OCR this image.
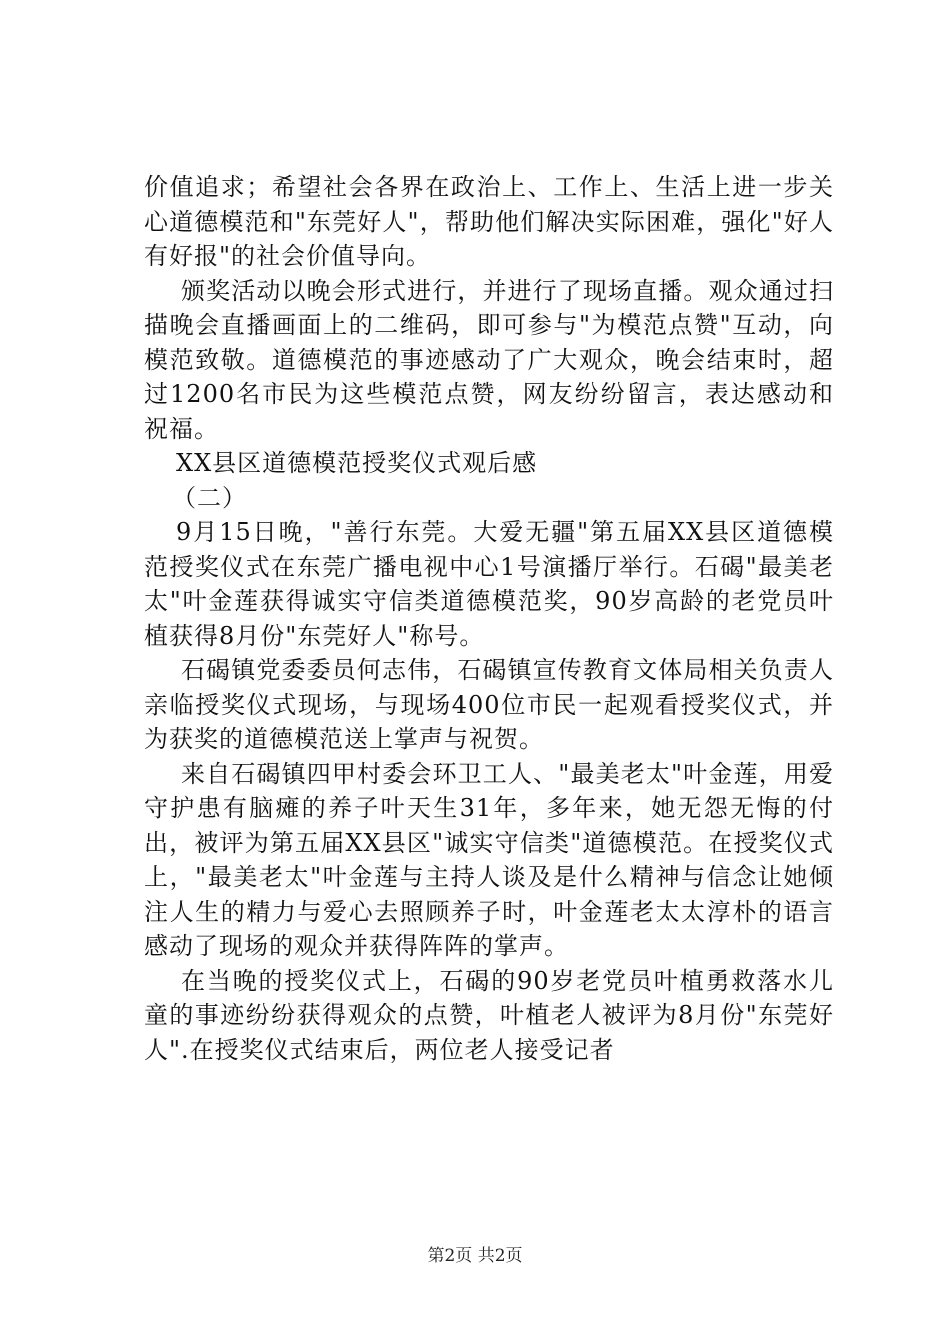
价值追求；希望社会各界在政治上、工作上、生活上进一步关心道德模范和"东莞好人"，帮助他们解决实际困难，强化"好人有好报"的社会价值导向。

颁奖活动以晚会形式进行，并进行了现场直播。观众通过扫描晚会直播画面上的二维码，即可参与"为模范点赞"互动，向模范致敬。道德模范的事迹感动了广大观众，晚会结束时，超过1200名市民为这些模范点赞，网友纷纷留言，表达感动和祝福。

XX县区道德模范授奖仪式观后感

（二）

9月15日晚，"善行东莞。大爱无疆"第五届XX县区道德模范授奖仪式在东莞广播电视中心1号演播厅举行。石碣"最美老太"叶金莲获得诚实守信类道德模范奖，90岁高龄的老党员叶植获得8月份"东莞好人"称号。

石碣镇党委委员何志伟，石碣镇宣传教育文体局相关负责人亲临授奖仪式现场，与现场400位市民一起观看授奖仪式，并为获奖的道德模范送上掌声与祝贺。

来自石碣镇四甲村委会环卫工人、"最美老太"叶金莲，用爱守护患有脑瘫的养子叶天生31年，多年来，她无怨无悔的付出，被评为第五届XX县区"诚实守信类"道德模范。在授奖仪式上，"最美老太"叶金莲与主持人谈及是什么精神与信念让她倾注人生的精力与爱心去照顾养子时，叶金莲老太太淳朴的语言感动了现场的观众并获得阵阵的掌声。

在当晚的授奖仪式上，石碣的90岁老党员叶植勇救落水儿童的事迹纷纷获得观众的点赞，叶植老人被评为8月份"东莞好人".在授奖仪式结束后，两位老人接受记者

第2页 共2页
